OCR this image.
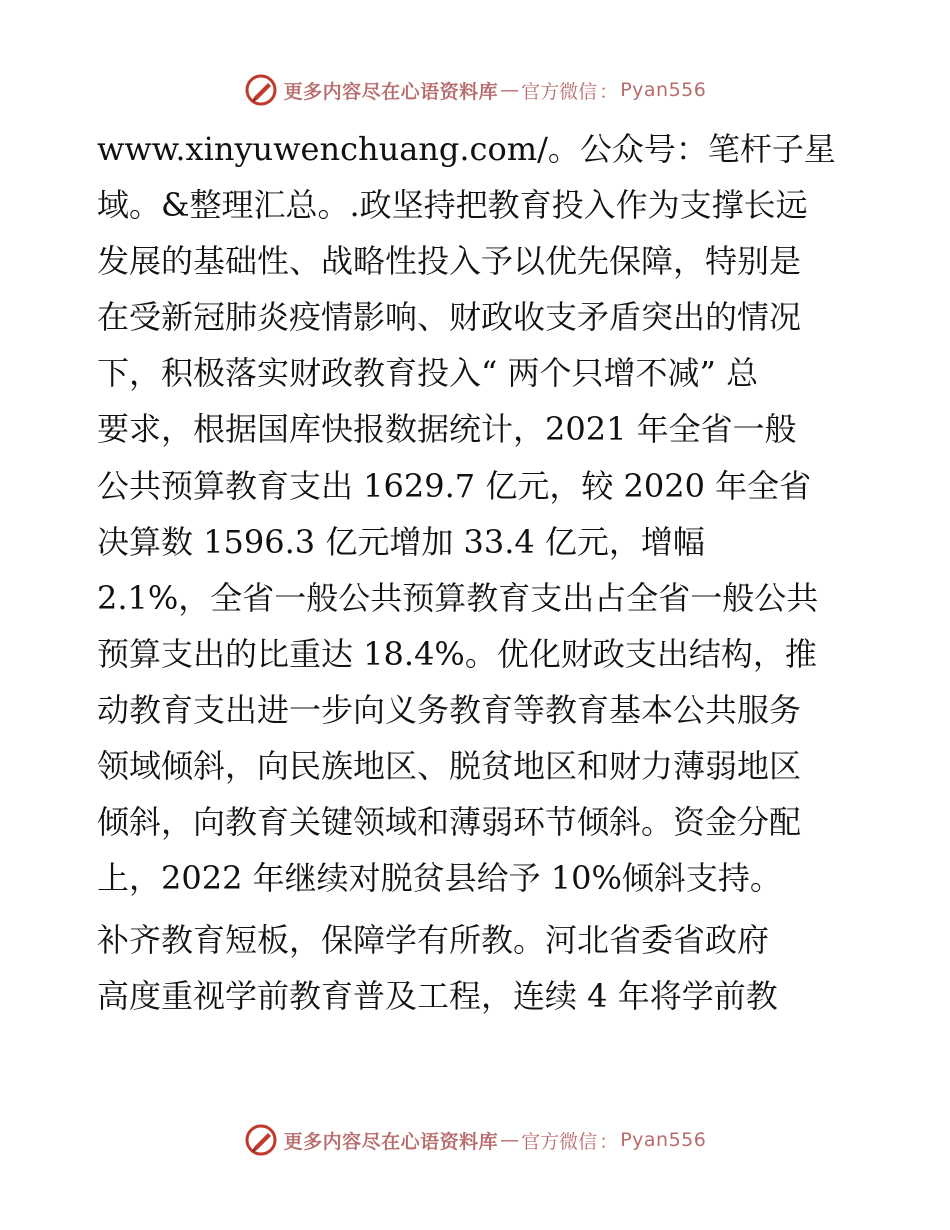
更多内容尽在心语资料库 — 官方微信 ： Pyan556
www.xinyuwenchuang.com/。公众号：笔杆子星
域。&整理汇总。.政坚持把教育投入作为支撑长远
发展的基础性、战略性投入予以优先保障，特别是
在受新冠肺炎疫情影响、财政收支矛盾突出的情况
下，积极落实财政教育投入“ 两个只增不减” 总
要求，根据国库快报数据统计，2021 年全省一般
公共预算教育支出 1629.7 亿元，较 2020 年全省
决算数 1596.3 亿元增加 33.4 亿元，增幅
2.1%，全省一般公共预算教育支出占全省一般公共
预算支出的比重达 18.4%。优化财政支出结构，推
动教育支出进一步向义务教育等教育基本公共服务
领域倾斜，向民族地区、脱贫地区和财力薄弱地区
倾斜，向教育关键领域和薄弱环节倾斜。资金分配
上，2022 年继续对脱贫县给予 10%倾斜支持。
补齐教育短板，保障学有所教。河北省委省政府
高度重视学前教育普及工程，连续 4 年将学前教
更多内容尽在心语资料库 — 官方微信 ： Pyan556
